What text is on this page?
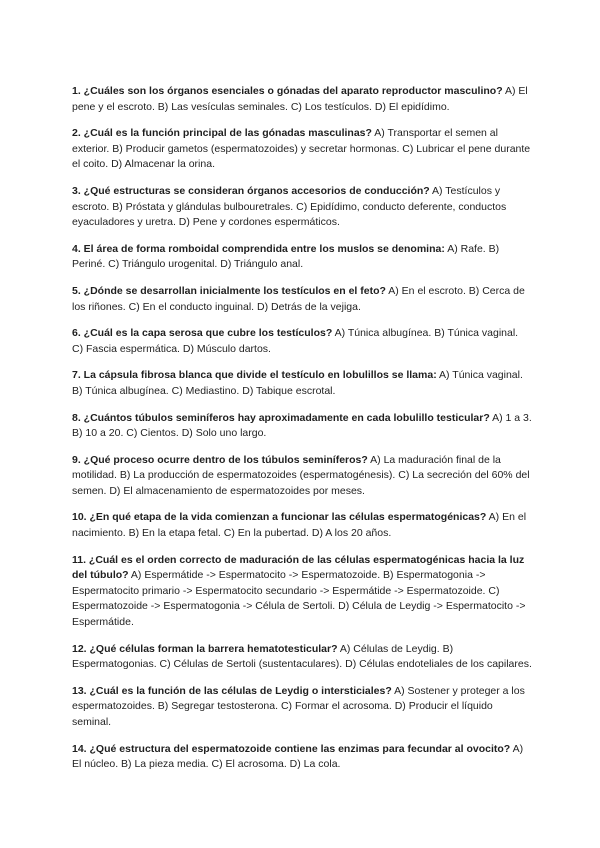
1. ¿Cuáles son los órganos esenciales o gónadas del aparato reproductor masculino? A) El pene y el escroto. B) Las vesículas seminales. C) Los testículos. D) El epidídimo.

2. ¿Cuál es la función principal de las gónadas masculinas? A) Transportar el semen al exterior. B) Producir gametos (espermatozoides) y secretar hormonas. C) Lubricar el pene durante el coito. D) Almacenar la orina.

3. ¿Qué estructuras se consideran órganos accesorios de conducción? A) Testículos y escroto. B) Próstata y glándulas bulbouretrales. C) Epidídimo, conducto deferente, conductos eyaculadores y uretra. D) Pene y cordones espermáticos.

4. El área de forma romboidal comprendida entre los muslos se denomina: A) Rafe. B) Periné. C) Triángulo urogenital. D) Triángulo anal.

5. ¿Dónde se desarrollan inicialmente los testículos en el feto? A) En el escroto. B) Cerca de los riñones. C) En el conducto inguinal. D) Detrás de la vejiga.

6. ¿Cuál es la capa serosa que cubre los testículos? A) Túnica albugínea. B) Túnica vaginal. C) Fascia espermática. D) Músculo dartos.

7. La cápsula fibrosa blanca que divide el testículo en lobulillos se llama: A) Túnica vaginal. B) Túnica albugínea. C) Mediastino. D) Tabique escrotal.

8. ¿Cuántos túbulos seminíferos hay aproximadamente en cada lobulillo testicular? A) 1 a 3. B) 10 a 20. C) Cientos. D) Solo uno largo.

9. ¿Qué proceso ocurre dentro de los túbulos seminíferos? A) La maduración final de la motilidad. B) La producción de espermatozoides (espermatogénesis). C) La secreción del 60% del semen. D) El almacenamiento de espermatozoides por meses.

10. ¿En qué etapa de la vida comienzan a funcionar las células espermatogénicas? A) En el nacimiento. B) En la etapa fetal. C) En la pubertad. D) A los 20 años.

11. ¿Cuál es el orden correcto de maduración de las células espermatogénicas hacia la luz del túbulo? A) Espermátide -> Espermatocito -> Espermatozoide. B) Espermatogonia -> Espermatocito primario -> Espermatocito secundario -> Espermátide -> Espermatozoide. C) Espermatozoide -> Espermatogonia -> Célula de Sertoli. D) Célula de Leydig -> Espermatocito -> Espermátide.

12. ¿Qué células forman la barrera hematotesticular? A) Células de Leydig. B) Espermatogonias. C) Células de Sertoli (sustentaculares). D) Células endoteliales de los capilares.

13. ¿Cuál es la función de las células de Leydig o intersticiales? A) Sostener y proteger a los espermatozoides. B) Segregar testosterona. C) Formar el acrosoma. D) Producir el líquido seminal.

14. ¿Qué estructura del espermatozoide contiene las enzimas para fecundar al ovocito? A) El núcleo. B) La pieza media. C) El acrosoma. D) La cola.
